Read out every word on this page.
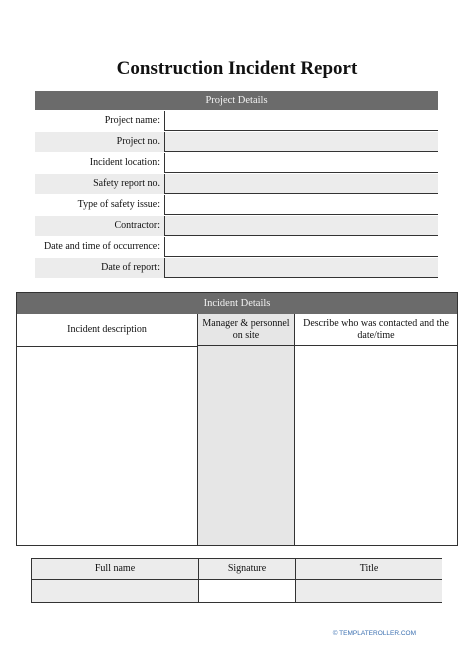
Construction Incident Report
Project Details
Project name:
Project no.
Incident location:
Safety report no.
Type of safety issue:
Contractor:
Date and time of occurrence:
Date of report:
Incident Details
Incident description
Manager & personnel on site
Describe who was contacted and the date/time
Full name	Signature	Title
© TEMPLATEROLLER.COM
